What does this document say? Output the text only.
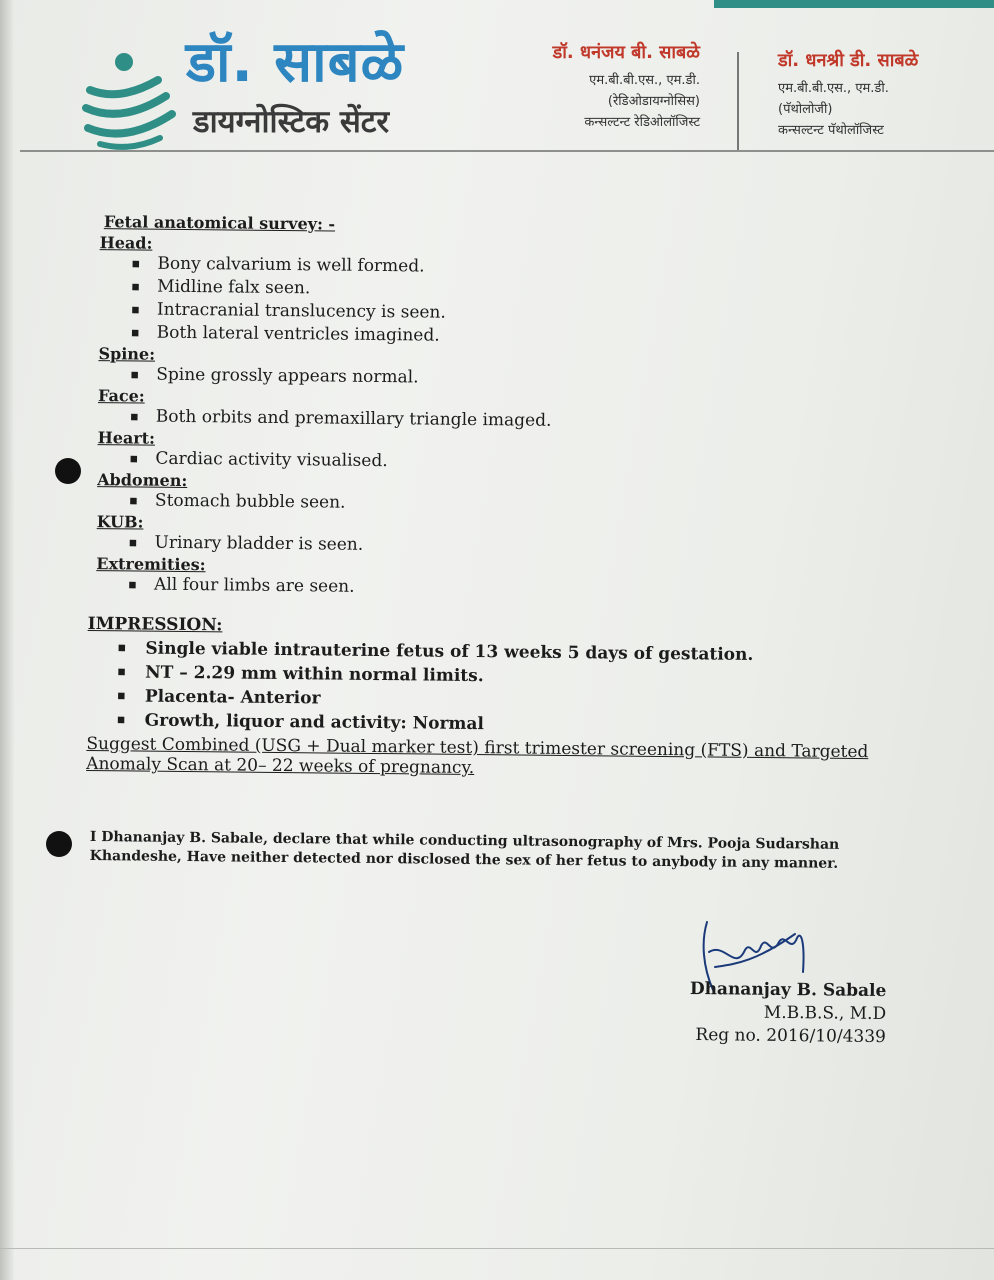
डॉ. साबळे
डायग्नोस्टिक सेंटर
डॉ. धनंजय बी. साबळे
एम.बी.बी.एस., एम.डी.
(रेडिओडायग्नोसिस)
कन्सल्टन्ट रेडिओलॉजिस्ट
डॉ. धनश्री डी. साबळे
एम.बी.बी.एस., एम.डी.
(पॅथोलोजी)
कन्सल्टन्ट पॅथोलॉजिस्ट
Fetal anatomical survey: -
Head:
▪ Bony calvarium is well formed.
▪ Midline falx seen.
▪ Intracranial translucency is seen.
▪ Both lateral ventricles imagined.
Spine:
▪ Spine grossly appears normal.
Face:
▪ Both orbits and premaxillary triangle imaged.
Heart:
▪ Cardiac activity visualised.
Abdomen:
▪ Stomach bubble seen.
KUB:
▪ Urinary bladder is seen.
Extremities:
▪ All four limbs are seen.
IMPRESSION:
▪ Single viable intrauterine fetus of 13 weeks 5 days of gestation.
▪ NT – 2.29 mm within normal limits.
▪ Placenta- Anterior
▪ Growth, liquor and activity: Normal
Suggest Combined (USG + Dual marker test) first trimester screening (FTS) and Targeted Anomaly Scan at 20– 22 weeks of pregnancy.
I Dhananjay B. Sabale, declare that while conducting ultrasonography of Mrs. Pooja Sudarshan Khandeshe, Have neither detected nor disclosed the sex of her fetus to anybody in any manner.
Dhananjay B. Sabale
M.B.B.S., M.D
Reg no. 2016/10/4339
